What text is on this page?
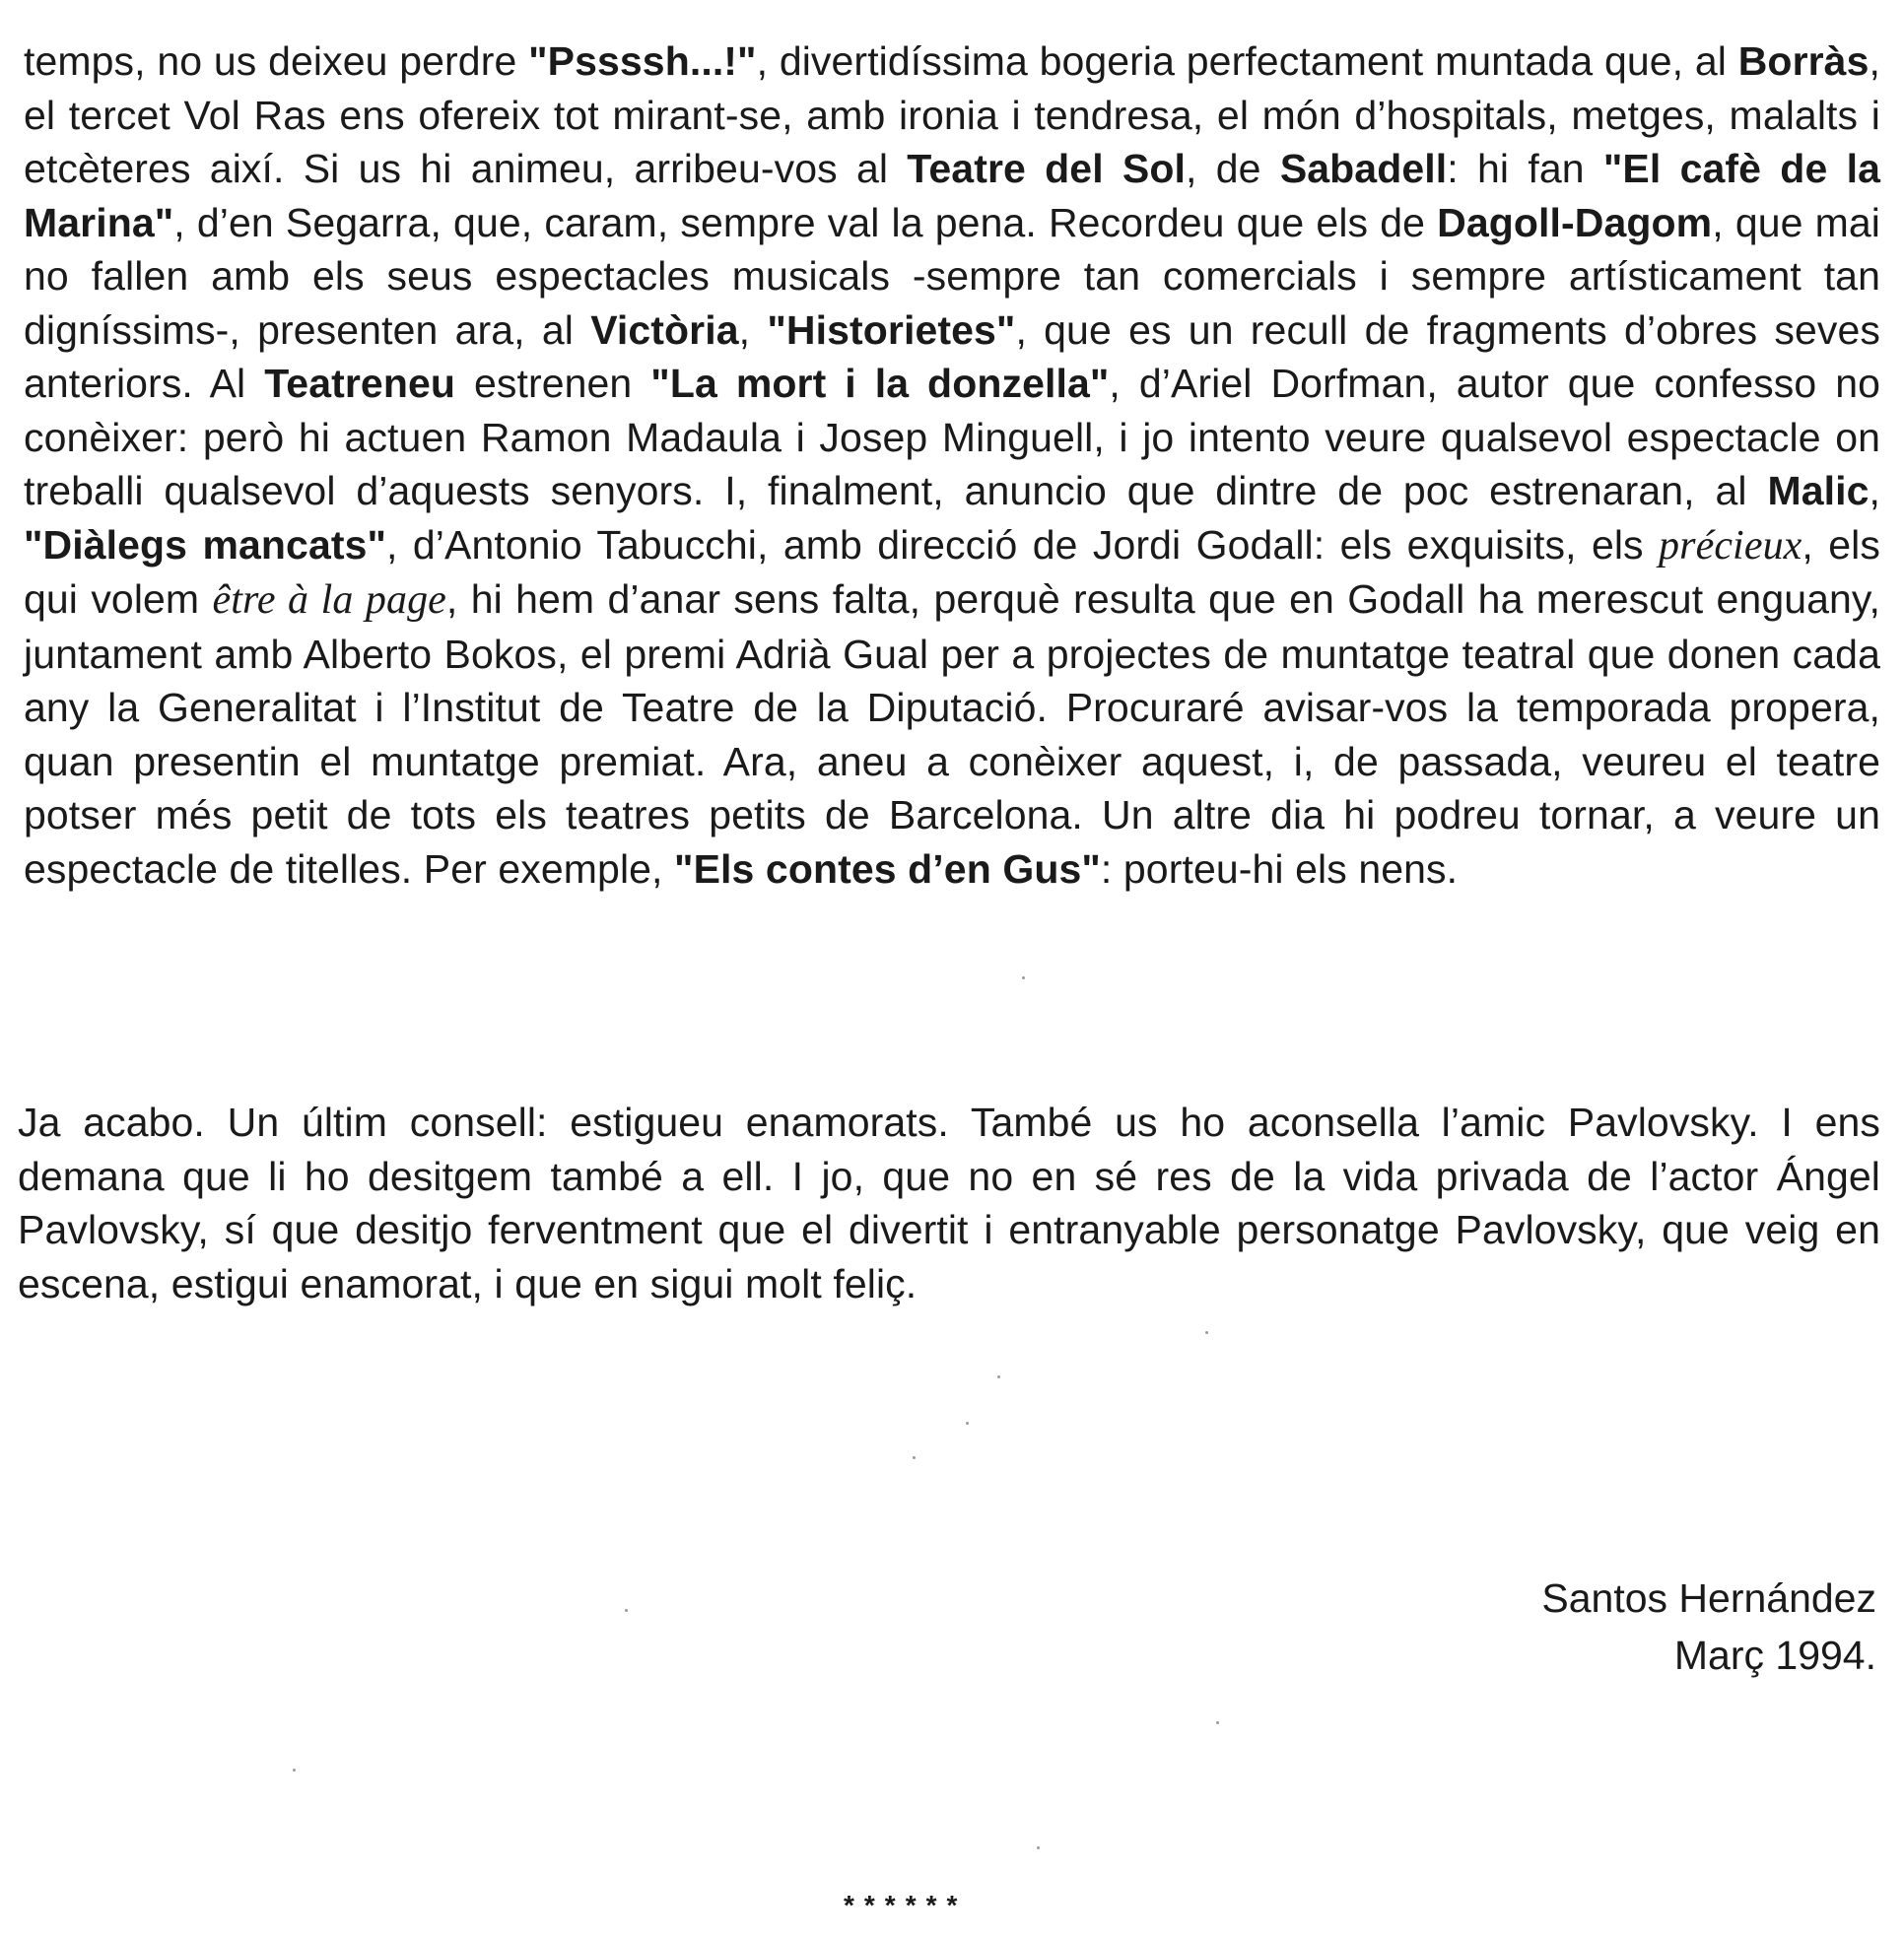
temps, no us deixeu perdre "Pssssh...!", divertidíssima bogeria perfectament muntada que, al Borràs, el tercet Vol Ras ens ofereix tot mirant-se, amb ironia i tendresa, el món d’hospitals, metges, malalts i etcèteres així. Si us hi animeu, arribeu-vos al Teatre del Sol, de Sabadell: hi fan "El cafè de la Marina", d’en Segarra, que, caram, sempre val la pena. Recordeu que els de Dagoll-Dagom, que mai no fallen amb els seus espectacles musicals -sempre tan comercials i sempre artísticament tan digníssims-, presenten ara, al Victòria, "Historietes", que es un recull de fragments d’obres seves anteriors. Al Teatreneu estrenen "La mort i la donzella", d’Ariel Dorfman, autor que confesso no conèixer: però hi actuen Ramon Madaula i Josep Minguell, i jo intento veure qualsevol espectacle on treballi qualsevol d’aquests senyors. I, finalment, anuncio que dintre de poc estrenaran, al Malic, "Diàlegs mancats", d’Antonio Tabucchi, amb direcció de Jordi Godall: els exquisits, els précieux, els qui volem être à la page, hi hem d’anar sens falta, perquè resulta que en Godall ha merescut enguany, juntament amb Alberto Bokos, el premi Adrià Gual per a projectes de muntatge teatral que donen cada any la Generalitat i l’Institut de Teatre de la Diputació. Procuraré avisar-vos la temporada propera, quan presentin el muntatge premiat. Ara, aneu a conèixer aquest, i, de passada, veureu el teatre potser més petit de tots els teatres petits de Barcelona. Un altre dia hi podreu tornar, a veure un espectacle de titelles. Per exemple, "Els contes d’en Gus": porteu-hi els nens.

Ja acabo. Un últim consell: estigueu enamorats. També us ho aconsella l’amic Pavlovsky. I ens demana que li ho desitgem també a ell. I jo, que no en sé res de la vida privada de l’actor Ángel Pavlovsky, sí que desitjo ferventment que el divertit i entranyable personatge Pavlovsky, que veig en escena, estigui enamorat, i que en sigui molt feliç.

Santos Hernández
Març 1994.
******
